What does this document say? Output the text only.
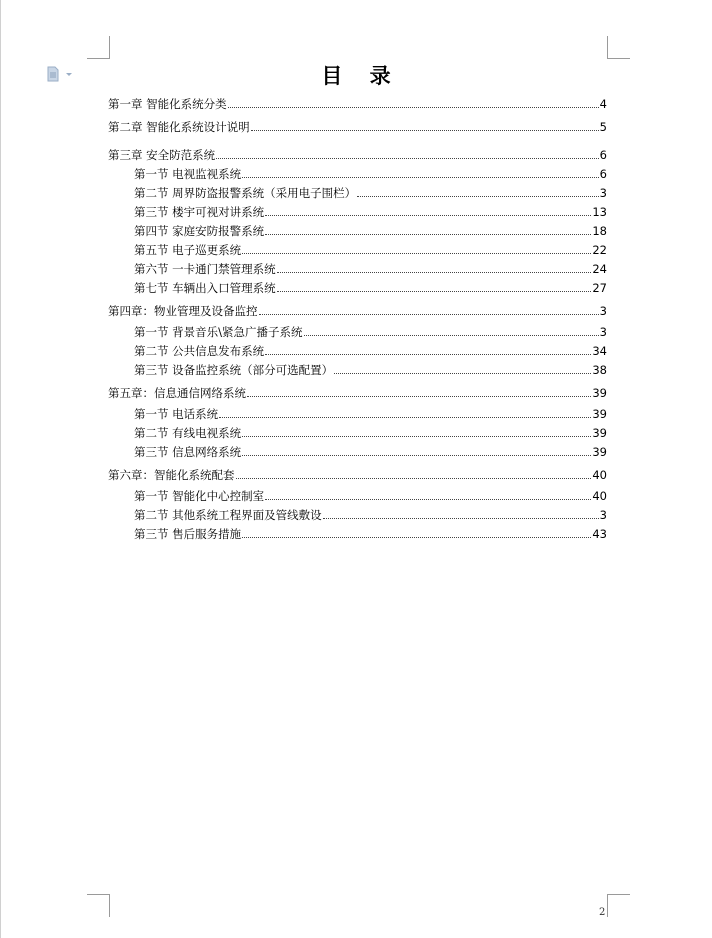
目 录
第一章 智能化系统分类	4
第二章 智能化系统设计说明	5
第三章 安全防范系统	6
第一节 电视监视系统	6
第二节 周界防盗报警系统（采用电子围栏）	3
第三节 楼宇可视对讲系统	13
第四节 家庭安防报警系统	18
第五节 电子巡更系统	22
第六节 一卡通门禁管理系统	24
第七节 车辆出入口管理系统	27
第四章：物业管理及设备监控	3
第一节 背景音乐\紧急广播子系统	3
第二节 公共信息发布系统	34
第三节 设备监控系统（部分可选配置）	38
第五章：信息通信网络系统	39
第一节 电话系统	39
第二节 有线电视系统	39
第三节 信息网络系统	39
第六章：智能化系统配套	40
第一节 智能化中心控制室	40
第二节 其他系统工程界面及管线敷设	3
第三节 售后服务措施	43
2
